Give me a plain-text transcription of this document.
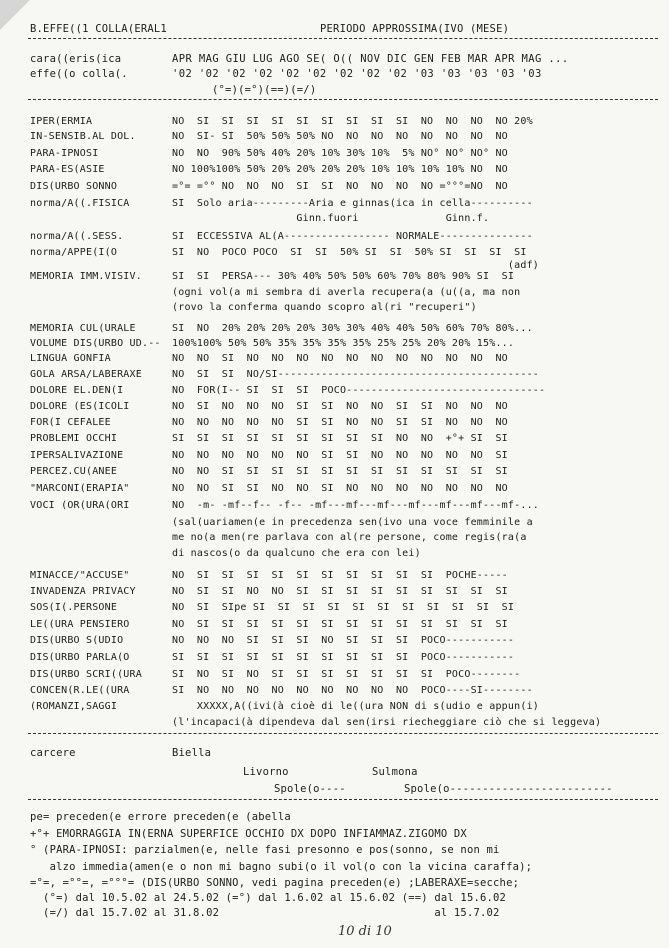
B.EFFE((1 COLLA(ERAL1	PERIODO APPROSSIMA(IVO (MESE)
cara((eris(ica
effe((o colla(.
APR MAG GIU LUG AGO SE( O(( NOV DIC GEN FEB MAR APR MAG ...
'02 '02 '02 '02 '02 '02 '02 '02 '02 '03 '03 '03 '03 '03
(°=)(=°)(==)(=/)
IPER(ERMIA	NO  SI  SI  SI  SI  SI  SI  SI  SI  SI  NO  NO  NO  NO 20%
IN-SENSIB.AL DOL.	NO  SI- SI  50% 50% 50% NO  NO  NO  NO  NO  NO  NO  NO
PARA-IPNOSI	NO  NO  90% 50% 40% 20% 10% 30% 10%  5% NO° NO° NO° NO
PARA-ES(ASIE	NO 100%100% 50% 20% 20% 20% 20% 10% 10% 10% 10% NO  NO
DIS(URBO SONNO	=°= =°° NO  NO  NO  SI  SI  NO  NO  NO  NO =°°°=NO  NO
norma/A((.FISICA	SI  Solo aria---------Aria e ginnas(ica in cella----------
Ginn.fuori              Ginn.f.
norma/A((.SESS.	SI  ECCESSIVA AL(A----------------- NORMALE---------------
norma/APPE(I(O	SI  NO  POCO POCO  SI  SI  50% SI  SI  50% SI  SI  SI  SI
(adf)
MEMORIA IMM.VISIV.	SI  SI  PERSA--- 30% 40% 50% 50% 60% 70% 80% 90% SI  SI
(ogni vol(a mi sembra di averla recupera(a (u((a, ma non
(rovo la conferma quando scopro al(ri "recuperi")
MEMORIA CUL(URALE	SI  NO  20% 20% 20% 20% 30% 30% 40% 40% 50% 60% 70% 80%...
VOLUME DIS(URBO UD.-- 100%100% 50% 50% 35% 35% 35% 35% 25% 25% 20% 20% 15%...
LINGUA GONFIA	NO  NO  SI  NO  NO  NO  NO  NO  NO  NO  NO  NO  NO  NO
GOLA ARSA/LABERAXE	NO  SI  SI  NO/SI------------------------------------------
DOLORE EL.DEN(I	NO  FOR(I-- SI  SI  SI  POCO--------------------------------
DOLORE (ES(ICOLI	NO  SI  NO  NO  NO  SI  SI  NO  NO  SI  SI  NO  NO  NO
FOR(I CEFALEE	NO  NO  NO  NO  NO  SI  SI  NO  NO  SI  SI  NO  NO  NO
PROBLEMI OCCHI	SI  SI  SI  SI  SI  SI  SI  SI  SI  NO  NO  +°+ SI  SI
IPERSALIVAZIONE	NO  NO  NO  NO  NO  NO  SI  SI  NO  NO  NO  NO  NO  SI
PERCEZ.CU(ANEE	NO  NO  SI  SI  SI  SI  SI  SI  SI  SI  SI  SI  SI  SI
"MARCONI(ERAPIA"	NO  NO  SI  SI  NO  NO  SI  NO  NO  NO  NO  NO  NO  NO
VOCI (OR(URA(ORI	NO  -m- -mf--f-- -f-- -mf---mf---mf---mf---mf---mf---mf-...
(sal(uariamen(e in precedenza sen(ivo una voce femminile a
me no(a men(re parlava con al(re persone, come regis(ra(a
di nascos(o da qualcuno che era con lei)
MINACCE/"ACCUSE"	NO  SI  SI  SI  SI  SI  SI  SI  SI  SI  SI  POCHE-----
INVADENZA PRIVACY	NO  SI  SI  NO  NO  SI  SI  SI  SI  SI  SI  SI  SI  SI
SOS(I(.PERSONE	NO  SI  SIpe SI  SI  SI  SI  SI  SI  SI  SI  SI  SI  SI
LE((URA PENSIERO	NO  SI  SI  SI  SI  SI  SI  SI  SI  SI  SI  SI  SI  SI
DIS(URBO S(UDIO	NO  NO  NO  SI  SI  SI  NO  SI  SI  SI  POCO-----------
DIS(URBO PARLA(O	SI  SI  SI  SI  SI  SI  SI  SI  SI  SI  POCO-----------
DIS(URBO SCRI((URA	SI  NO  SI  NO  SI  SI  SI  SI  SI  SI  SI  POCO--------
CONCEN(R.LE((URA	SI  NO  NO  NO  NO  NO  NO  NO  NO  NO  POCO----SI--------
(ROMANZI,SAGGI	XXXXX,A((ivi(à cioè di le((ura NON di s(udio e appun(i)
(l'incapaci(à dipendeva dal sen(irsi riecheggiare ciò che si leggeva)
carcere	Biella
Livorno	Sulmona
Spole(o----	Spole(o-------------------------
pe= preceden(e errore preceden(e (abella
+°+ EMORRAGGIA IN(ERNA SUPERFICE OCCHIO DX DOPO INFIAMMAZ.ZIGOMO DX
° (PARA-IPNOSI: parzialmen(e, nelle fasi presonno e pos(sonno, se non mi
alzo immedia(amen(e o non mi bagno subi(o il vol(o con la vicina caraffa);
=°=, =°°=, =°°°= (DIS(URBO SONNO, vedi pagina preceden(e) ;LABERAXE=secche;
(°=) dal 10.5.02 al 24.5.02 (=°) dal 1.6.02 al 15.6.02 (==) dal 15.6.02
(=/) dal 15.7.02 al 31.8.02                                 al 15.7.02
10 di 10
